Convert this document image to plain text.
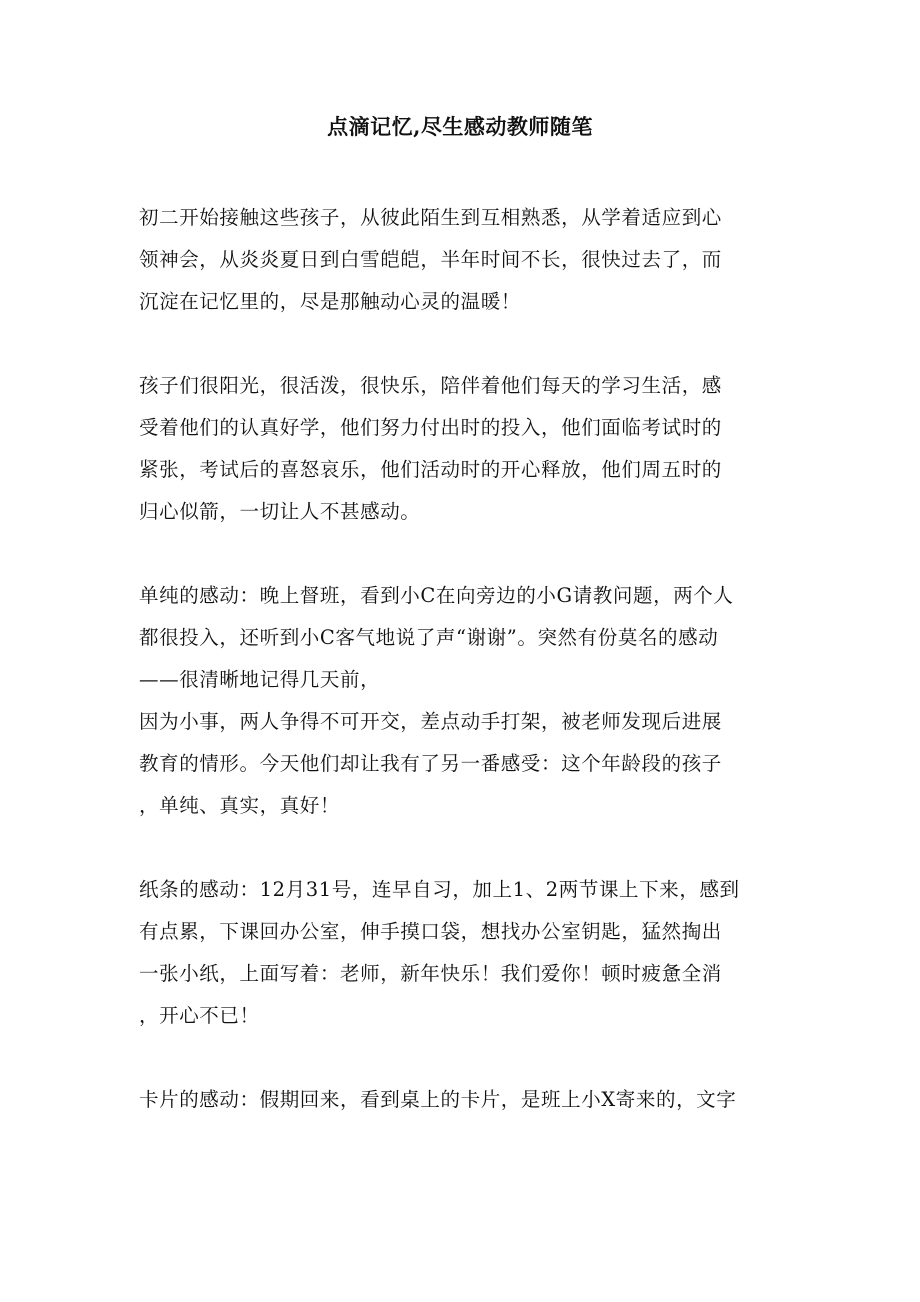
点滴记忆,尽生感动教师随笔
初二开始接触这些孩子，从彼此陌生到互相熟悉，从学着适应到心
领神会，从炎炎夏日到白雪皑皑，半年时间不长，很快过去了，而
沉淀在记忆里的，尽是那触动心灵的温暖！
孩子们很阳光，很活泼，很快乐，陪伴着他们每天的学习生活，感
受着他们的认真好学，他们努力付出时的投入，他们面临考试时的
紧张，考试后的喜怒哀乐，他们活动时的开心释放，他们周五时的
归心似箭，一切让人不甚感动。
单纯的感动：晚上督班，看到小C在向旁边的小G请教问题，两个人
都很投入，还听到小C客气地说了声“谢谢”。突然有份莫名的感动
——很清晰地记得几天前，
因为小事，两人争得不可开交，差点动手打架，被老师发现后进展
教育的情形。今天他们却让我有了另一番感受：这个年龄段的孩子
，单纯、真实，真好！
纸条的感动：12月31号，连早自习，加上1、2两节课上下来，感到
有点累，下课回办公室，伸手摸口袋，想找办公室钥匙，猛然掏出
一张小纸，上面写着：老师，新年快乐！我们爱你！顿时疲惫全消
，开心不已！
卡片的感动：假期回来，看到桌上的卡片，是班上小X寄来的，文字
